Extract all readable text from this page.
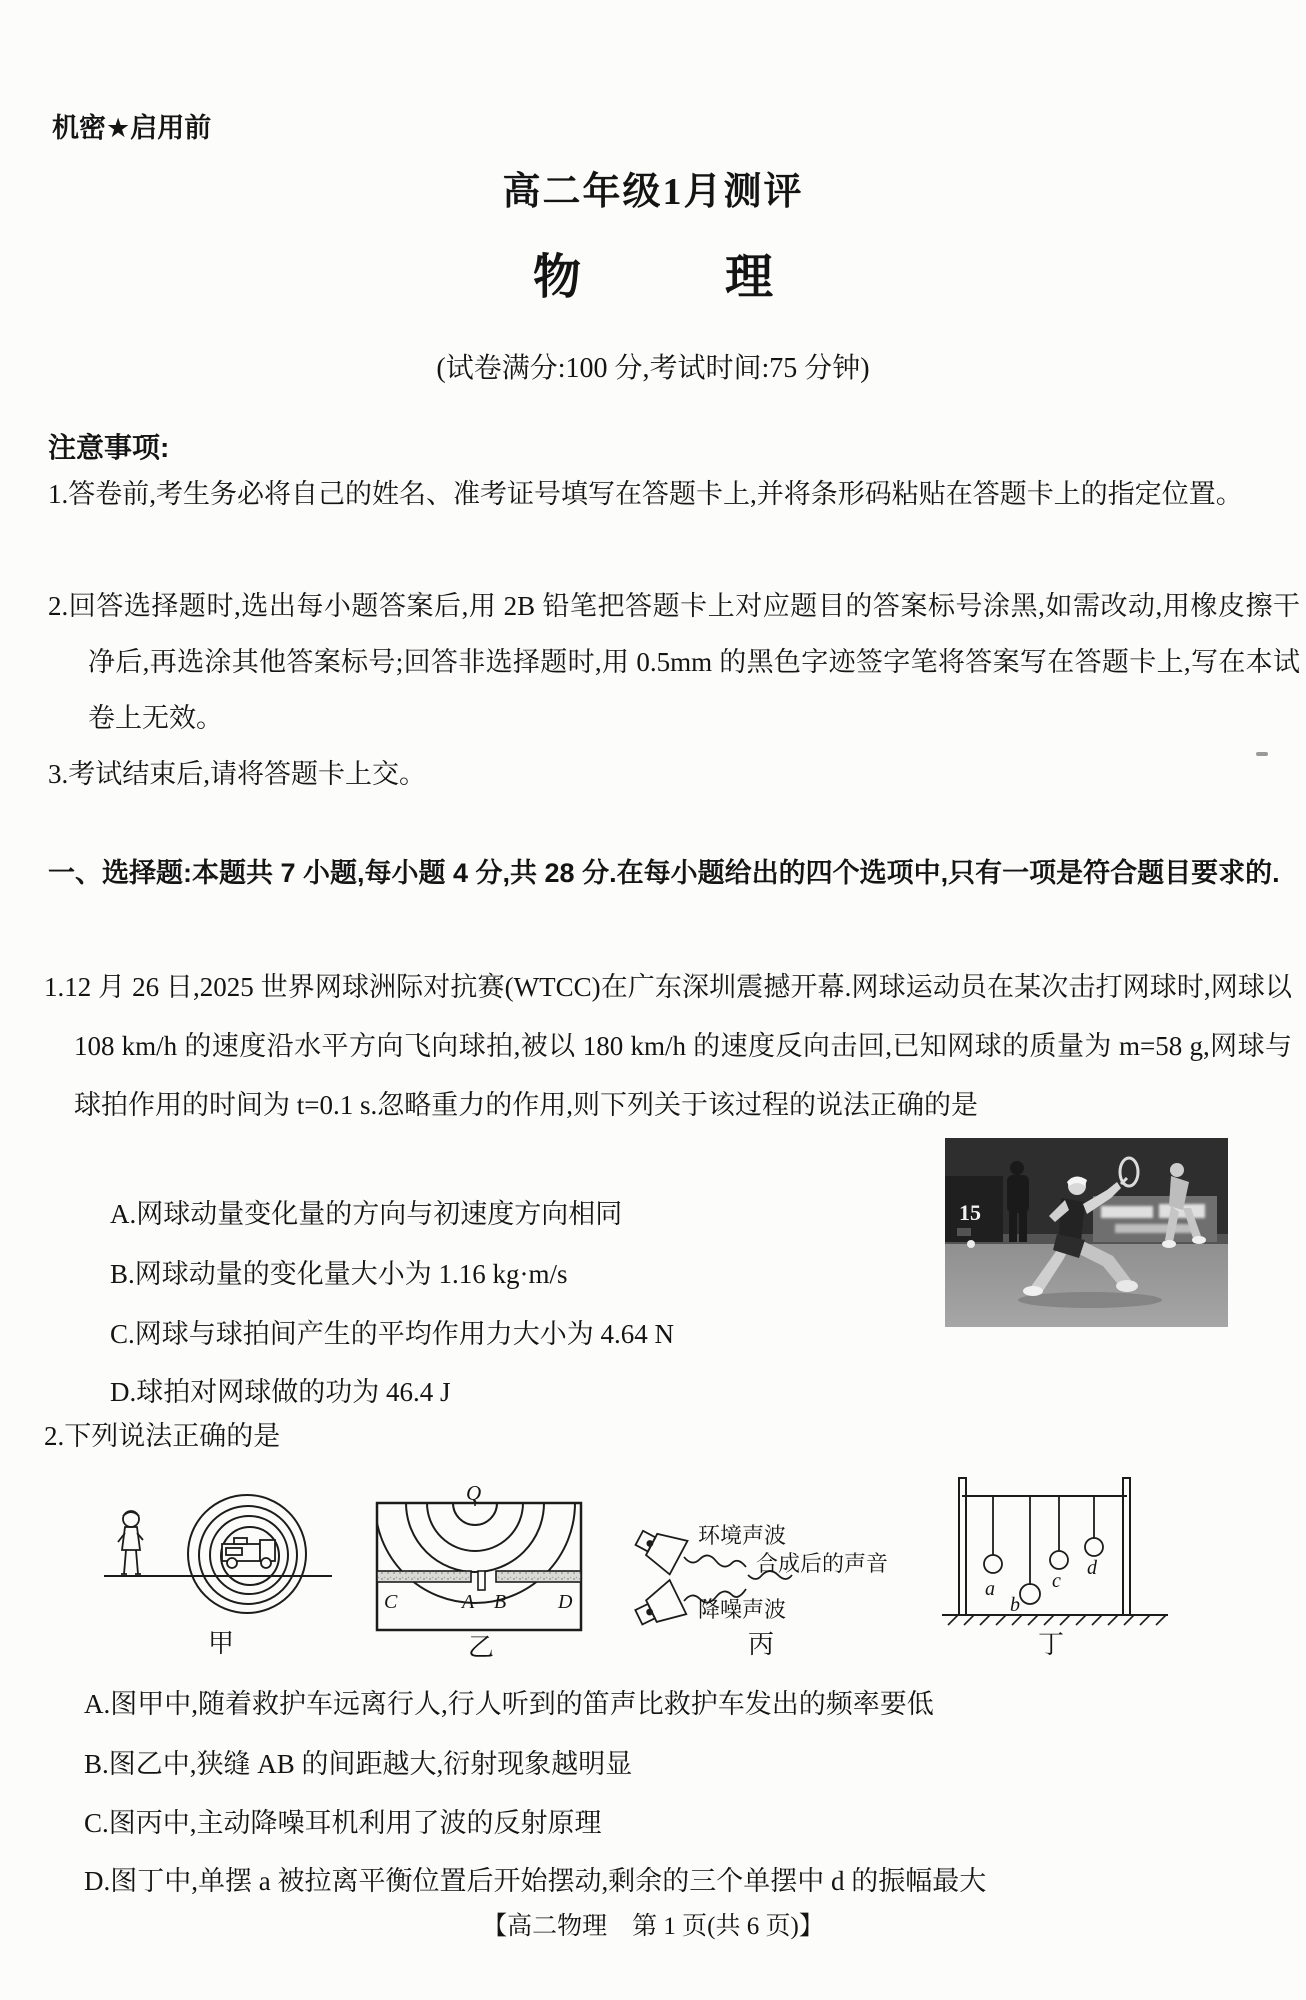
机密★启用前
高二年级1月测评
物　　　理
(试卷满分:100 分,考试时间:75 分钟)
注意事项:
1.答卷前,考生务必将自己的姓名、准考证号填写在答题卡上,并将条形码粘贴在答题卡上的指定位置。
2.回答选择题时,选出每小题答案后,用 2B 铅笔把答题卡上对应题目的答案标号涂黑,如需改动,用橡皮擦干净后,再选涂其他答案标号;回答非选择题时,用 0.5mm 的黑色字迹签字笔将答案写在答题卡上,写在本试卷上无效。
3.考试结束后,请将答题卡上交。
一、选择题:本题共 7 小题,每小题 4 分,共 28 分.在每小题给出的四个选项中,只有一项是符合题目要求的.
1.12 月 26 日,2025 世界网球洲际对抗赛(WTCC)在广东深圳震撼开幕.网球运动员在某次击打网球时,网球以 108 km/h 的速度沿水平方向飞向球拍,被以 180 km/h 的速度反向击回,已知网球的质量为 m=58 g,网球与球拍作用的时间为 t=0.1 s.忽略重力的作用,则下列关于该过程的说法正确的是
A.网球动量变化量的方向与初速度方向相同
B.网球动量的变化量大小为 1.16 kg·m/s
C.网球与球拍间产生的平均作用力大小为 4.64 N
D.球拍对网球做的功为 46.4 J
15
2.下列说法正确的是
甲
Q
C	A B	D
乙
环境声波
合成后的声音
降噪声波
丙
a
b
c
d
丁
A.图甲中,随着救护车远离行人,行人听到的笛声比救护车发出的频率要低
B.图乙中,狭缝 AB 的间距越大,衍射现象越明显
C.图丙中,主动降噪耳机利用了波的反射原理
D.图丁中,单摆 a 被拉离平衡位置后开始摆动,剩余的三个单摆中 d 的振幅最大
【高二物理　第 1 页(共 6 页)】
